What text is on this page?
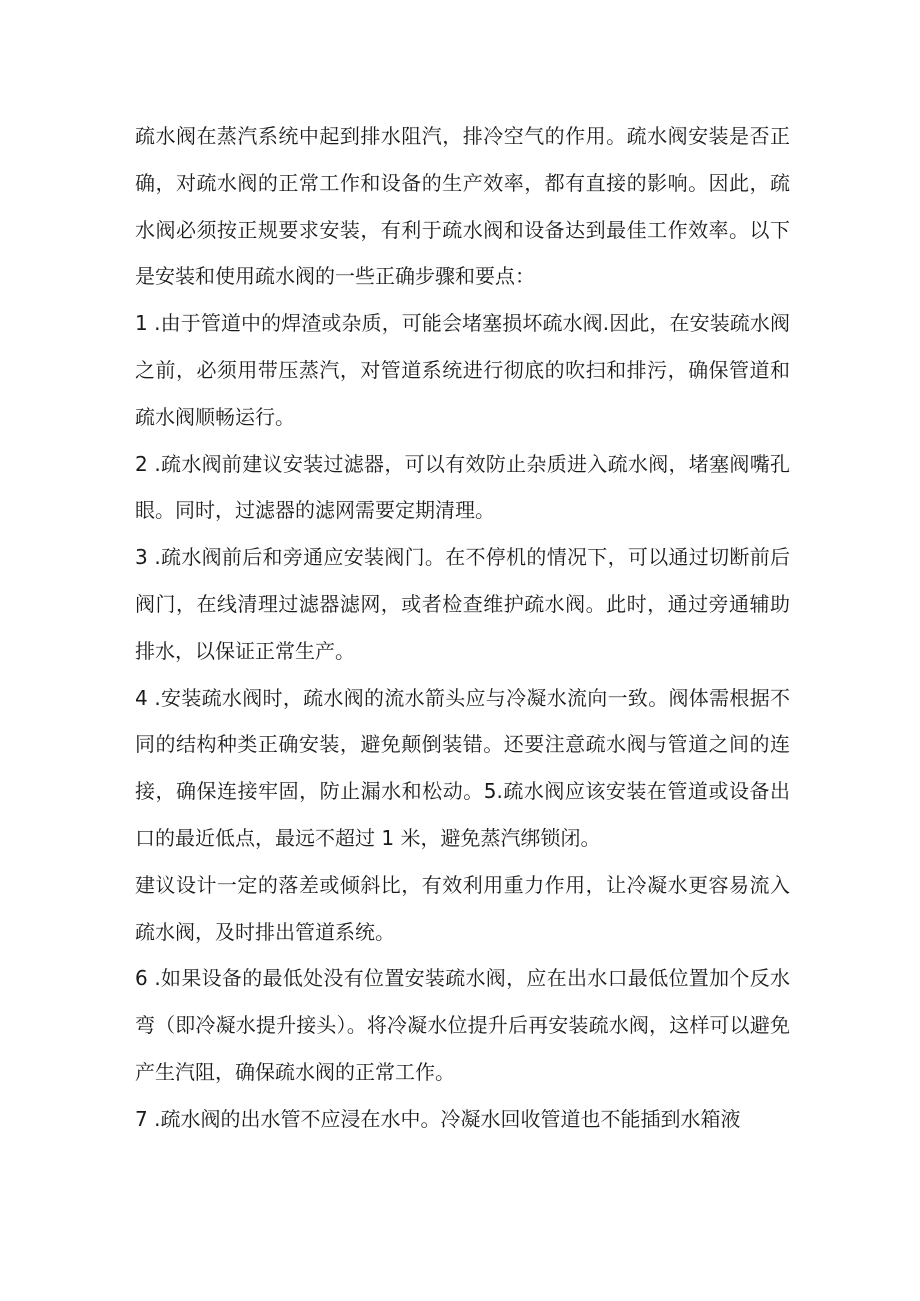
疏水阀在蒸汽系统中起到排水阻汽，排冷空气的作用。疏水阀安装是否正确，对疏水阀的正常工作和设备的生产效率，都有直接的影响。因此，疏水阀必须按正规要求安装，有利于疏水阀和设备达到最佳工作效率。以下是安装和使用疏水阀的一些正确步骤和要点：

1 .由于管道中的焊渣或杂质，可能会堵塞损坏疏水阀.因此，在安装疏水阀之前，必须用带压蒸汽，对管道系统进行彻底的吹扫和排污，确保管道和疏水阀顺畅运行。

2 .疏水阀前建议安装过滤器，可以有效防止杂质进入疏水阀，堵塞阀嘴孔眼。同时，过滤器的滤网需要定期清理。

3 .疏水阀前后和旁通应安装阀门。在不停机的情况下，可以通过切断前后阀门，在线清理过滤器滤网，或者检查维护疏水阀。此时，通过旁通辅助排水，以保证正常生产。

4 .安装疏水阀时，疏水阀的流水箭头应与冷凝水流向一致。阀体需根据不同的结构种类正确安装，避免颠倒装错。还要注意疏水阀与管道之间的连接，确保连接牢固，防止漏水和松动。5.疏水阀应该安装在管道或设备出口的最近低点，最远不超过 1 米，避免蒸汽绑锁闭。

建议设计一定的落差或倾斜比，有效利用重力作用，让冷凝水更容易流入疏水阀，及时排出管道系统。

6 .如果设备的最低处没有位置安装疏水阀，应在出水口最低位置加个反水弯（即冷凝水提升接头）。将冷凝水位提升后再安装疏水阀，这样可以避免产生汽阻，确保疏水阀的正常工作。

7 .疏水阀的出水管不应浸在水中。冷凝水回收管道也不能插到水箱液
